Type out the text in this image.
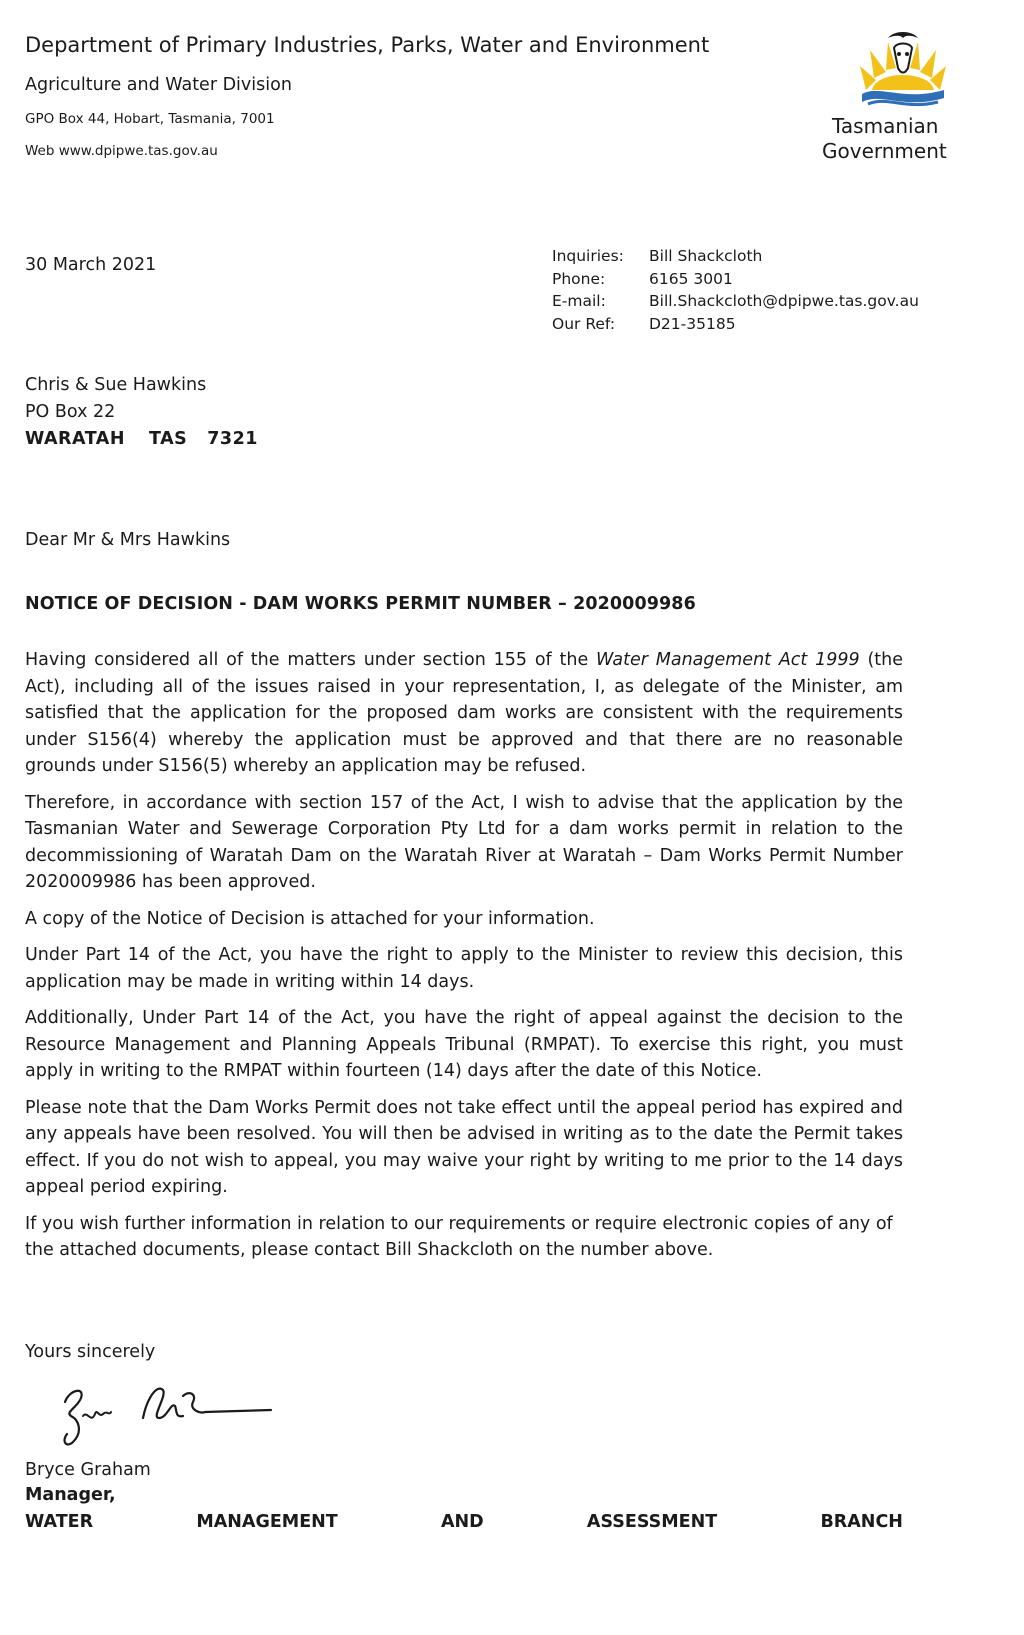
Department of Primary Industries, Parks, Water and Environment
Agriculture and Water Division
GPO Box 44, Hobart, Tasmania, 7001
Web www.dpipwe.tas.gov.au
Tasmanian
Government
30 March 2021	Inquiries:	Bill Shackcloth
Phone:	6165 3001
E-mail:	Bill.Shackcloth@dpipwe.tas.gov.au
Our Ref:	D21-35185
Chris & Sue Hawkins
PO Box 22
WARATAH TAS 7321
Dear Mr & Mrs Hawkins
NOTICE OF DECISION - DAM WORKS PERMIT NUMBER – 2020009986

Having considered all of the matters under section 155 of the Water Management Act 1999 (the Act), including all of the issues raised in your representation, I, as delegate of the Minister, am satisfied that the application for the proposed dam works are consistent with the requirements under S156(4) whereby the application must be approved and that there are no reasonable grounds under S156(5) whereby an application may be refused.

Therefore, in accordance with section 157 of the Act, I wish to advise that the application by the Tasmanian Water and Sewerage Corporation Pty Ltd for a dam works permit in relation to the decommissioning of Waratah Dam on the Waratah River at Waratah – Dam Works Permit Number 2020009986 has been approved.

A copy of the Notice of Decision is attached for your information.

Under Part 14 of the Act, you have the right to apply to the Minister to review this decision, this application may be made in writing within 14 days.

Additionally, Under Part 14 of the Act, you have the right of appeal against the decision to the Resource Management and Planning Appeals Tribunal (RMPAT). To exercise this right, you must apply in writing to the RMPAT within fourteen (14) days after the date of this Notice.

Please note that the Dam Works Permit does not take effect until the appeal period has expired and any appeals have been resolved. You will then be advised in writing as to the date the Permit takes effect. If you do not wish to appeal, you may waive your right by writing to me prior to the 14 days appeal period expiring.

If you wish further information in relation to our requirements or require electronic copies of any of the attached documents, please contact Bill Shackcloth on the number above.

Yours sincerely
Bryce Graham
Manager,
WATER	MANAGEMENT	AND	ASSESSMENT	BRANCH
